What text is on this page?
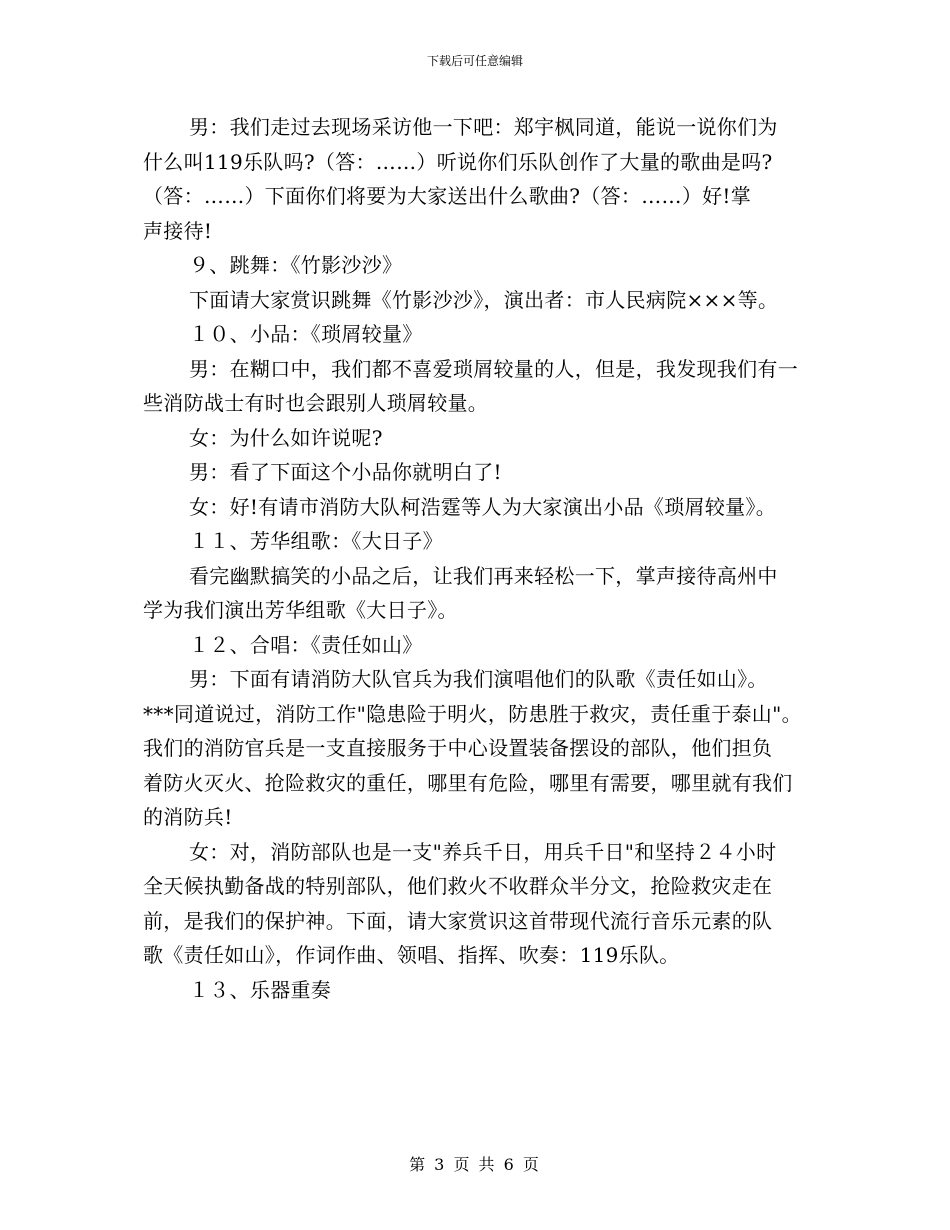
下载后可任意编辑

男：我们走过去现场采访他一下吧：郑宇枫同道，能说一说你们为

什么叫119乐队吗?（答：……）听说你们乐队创作了大量的歌曲是吗?

（答：……）下面你们将要为大家送出什么歌曲?（答：……）好!掌

声接待!

９、跳舞：《竹影沙沙》

下面请大家赏识跳舞《竹影沙沙》，演出者：市人民病院×××等。

１０、小品：《琐屑较量》

男：在糊口中，我们都不喜爱琐屑较量的人，但是，我发现我们有一

些消防战士有时也会跟别人琐屑较量。

女：为什么如许说呢?

男：看了下面这个小品你就明白了!

女：好!有请市消防大队柯浩霆等人为大家演出小品《琐屑较量》。

１１、芳华组歌：《大日子》

看完幽默搞笑的小品之后，让我们再来轻松一下，掌声接待高州中

学为我们演出芳华组歌《大日子》。

１２、合唱：《责任如山》

男：下面有请消防大队官兵为我们演唱他们的队歌《责任如山》。

***同道说过，消防工作"隐患险于明火，防患胜于救灾，责任重于泰山"。

我们的消防官兵是一支直接服务于中心设置装备摆设的部队，他们担负

着防火灭火、抢险救灾的重任，哪里有危险，哪里有需要，哪里就有我们

的消防兵!

女：对，消防部队也是一支"养兵千日，用兵千日"和坚持２４小时

全天候执勤备战的特别部队，他们救火不收群众半分文，抢险救灾走在

前，是我们的保护神。下面，请大家赏识这首带现代流行音乐元素的队

歌《责任如山》，作词作曲、领唱、指挥、吹奏：119乐队。

１３、乐器重奏

第 3 页 共 6 页
